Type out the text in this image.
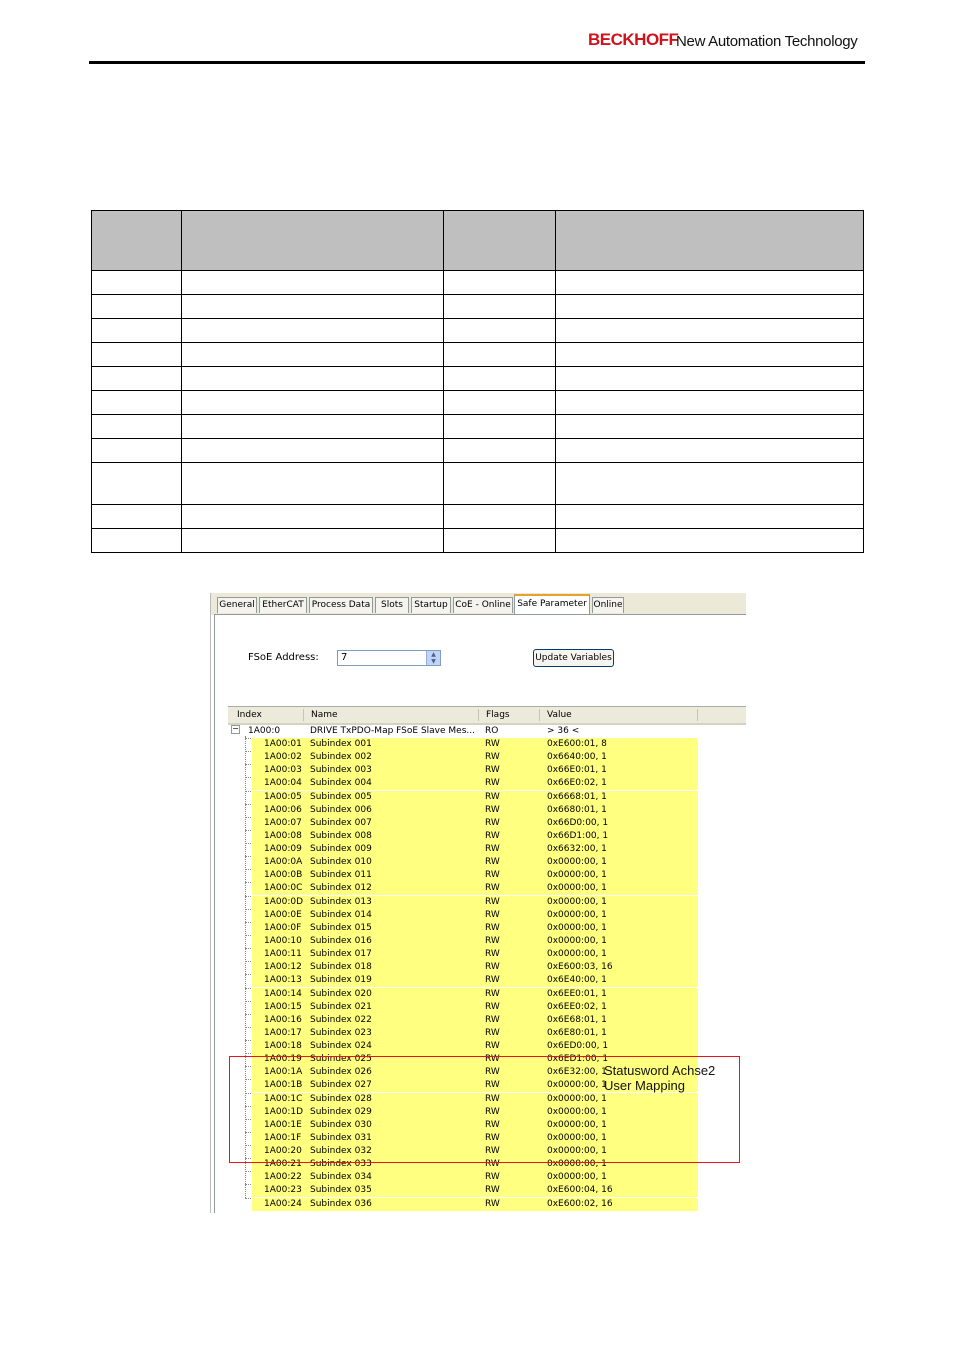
BECKHOFF
New Automation Technology

General EtherCAT Process Data	Slots	Startup CoE - Online Safe Parameter Online
FSoE Address:	7	▲
▼	Update Variables
Index	Name	Flags	Value
− 1A00:0	DRIVE TxPDO-Map FSoE Slave Mes... RO	> 36 <
1A00:01 Subindex 001	RW	0xE600:01, 8
1A00:02 Subindex 002	RW	0x6640:00, 1
1A00:03 Subindex 003	RW	0x66E0:01, 1
1A00:04 Subindex 004	RW	0x66E0:02, 1
1A00:05 Subindex 005	RW	0x6668:01, 1
1A00:06 Subindex 006	RW	0x6680:01, 1
1A00:07 Subindex 007	RW	0x66D0:00, 1
1A00:08 Subindex 008	RW	0x66D1:00, 1
1A00:09 Subindex 009	RW	0x6632:00, 1
1A00:0A Subindex 010	RW	0x0000:00, 1
1A00:0B Subindex 011	RW	0x0000:00, 1
1A00:0C Subindex 012	RW	0x0000:00, 1
1A00:0D Subindex 013	RW	0x0000:00, 1
1A00:0E Subindex 014	RW	0x0000:00, 1
1A00:0F Subindex 015	RW	0x0000:00, 1
1A00:10 Subindex 016	RW	0x0000:00, 1
1A00:11 Subindex 017	RW	0x0000:00, 1
1A00:12 Subindex 018	RW	0xE600:03, 16
1A00:13 Subindex 019	RW	0x6E40:00, 1
1A00:14 Subindex 020	RW	0x6EE0:01, 1
1A00:15 Subindex 021	RW	0x6EE0:02, 1
1A00:16 Subindex 022	RW	0x6E68:01, 1
1A00:17 Subindex 023	RW	0x6E80:01, 1
1A00:18 Subindex 024	RW	0x6ED0:00, 1
1A00:19 Subindex 025	RW	0x6ED1:00, 1
1A00:1A Subindex 026	RW	0x6E32:00, 1
1A00:1B Subindex 027	RW	0x0000:00, 1
1A00:1C Subindex 028	RW	0x0000:00, 1
1A00:1D Subindex 029	RW	0x0000:00, 1
1A00:1E Subindex 030	RW	0x0000:00, 1
1A00:1F Subindex 031	RW	0x0000:00, 1
1A00:20 Subindex 032	RW	0x0000:00, 1
1A00:21 Subindex 033	RW	0x0000:00, 1
1A00:22 Subindex 034	RW	0x0000:00, 1
1A00:23 Subindex 035	RW	0xE600:04, 16
1A00:24 Subindex 036	RW	0xE600:02, 16
Statusword Achse2
User Mapping
